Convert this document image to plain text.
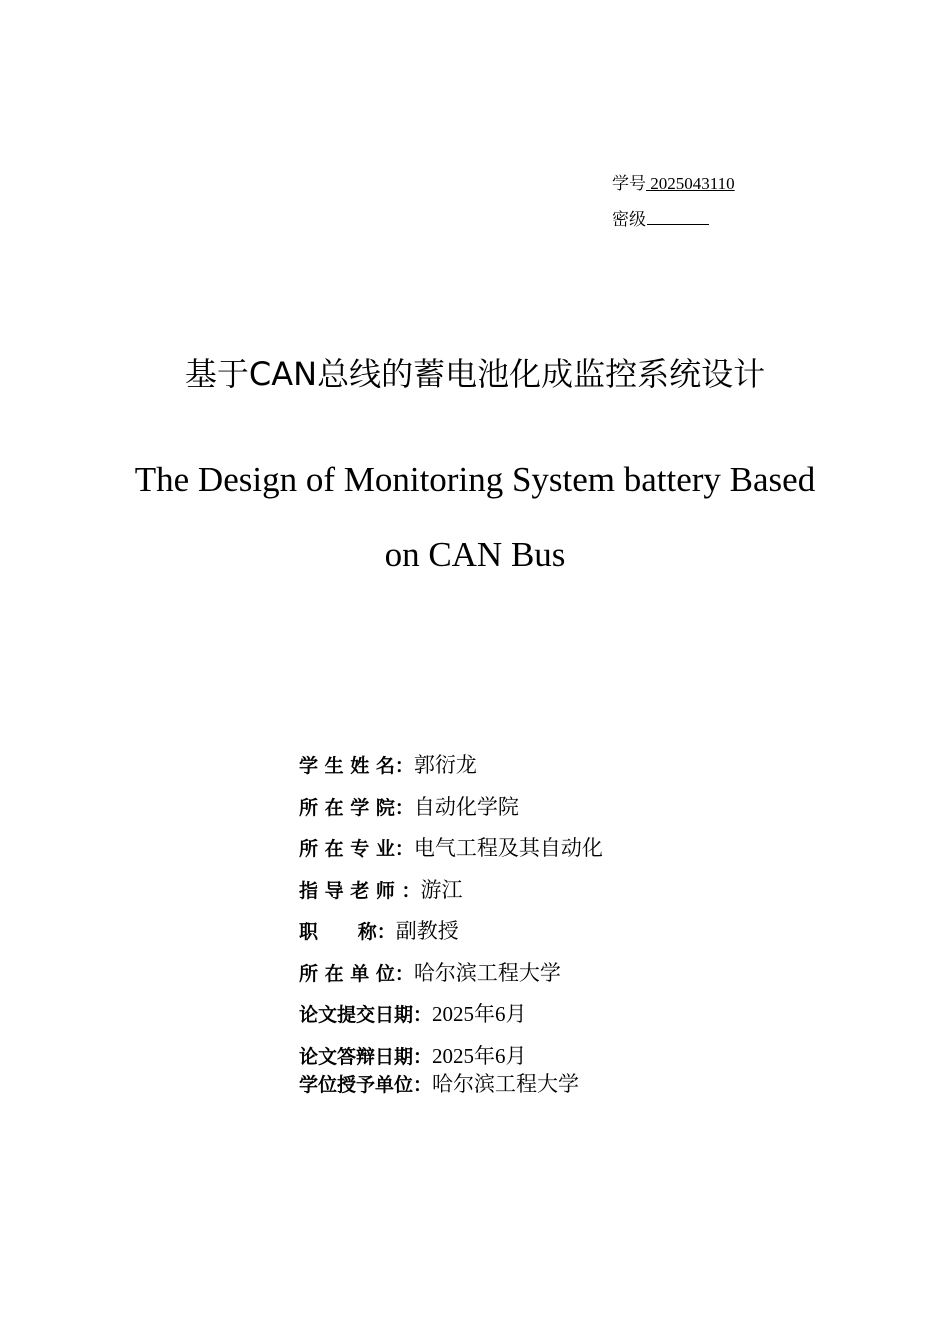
学号 2025043110
密级
基于CAN总线的蓄电池化成监控系统设计
The Design of Monitoring System battery Based
on CAN Bus
学 生 姓 名：郭衍龙
所 在 学 院：自动化学院
所 在 专 业：电气工程及其自动化
指 导 老 师 ：游江
职      称：副教授
所 在 单 位：哈尔滨工程大学
论文提交日期：2025年6月
论文答辩日期：2025年6月
学位授予单位：哈尔滨工程大学
